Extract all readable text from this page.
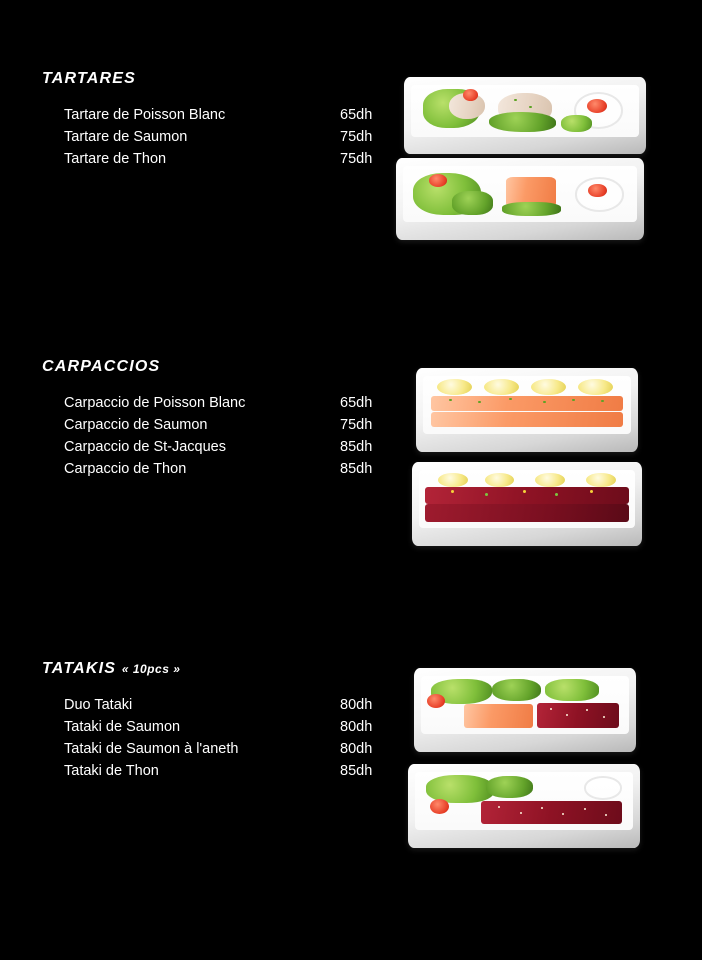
TARTARES
Tartare de Poisson Blanc	65dh
Tartare de Saumon	75dh
Tartare de Thon	75dh
CARPACCIOS
Carpaccio de Poisson Blanc	65dh
Carpaccio de Saumon	75dh
Carpaccio de St-Jacques	85dh
Carpaccio de Thon	85dh
TATAKIS « 10pcs »
Duo Tataki	80dh
Tataki de Saumon	80dh
Tataki de Saumon à l'aneth	80dh
Tataki de Thon	85dh
